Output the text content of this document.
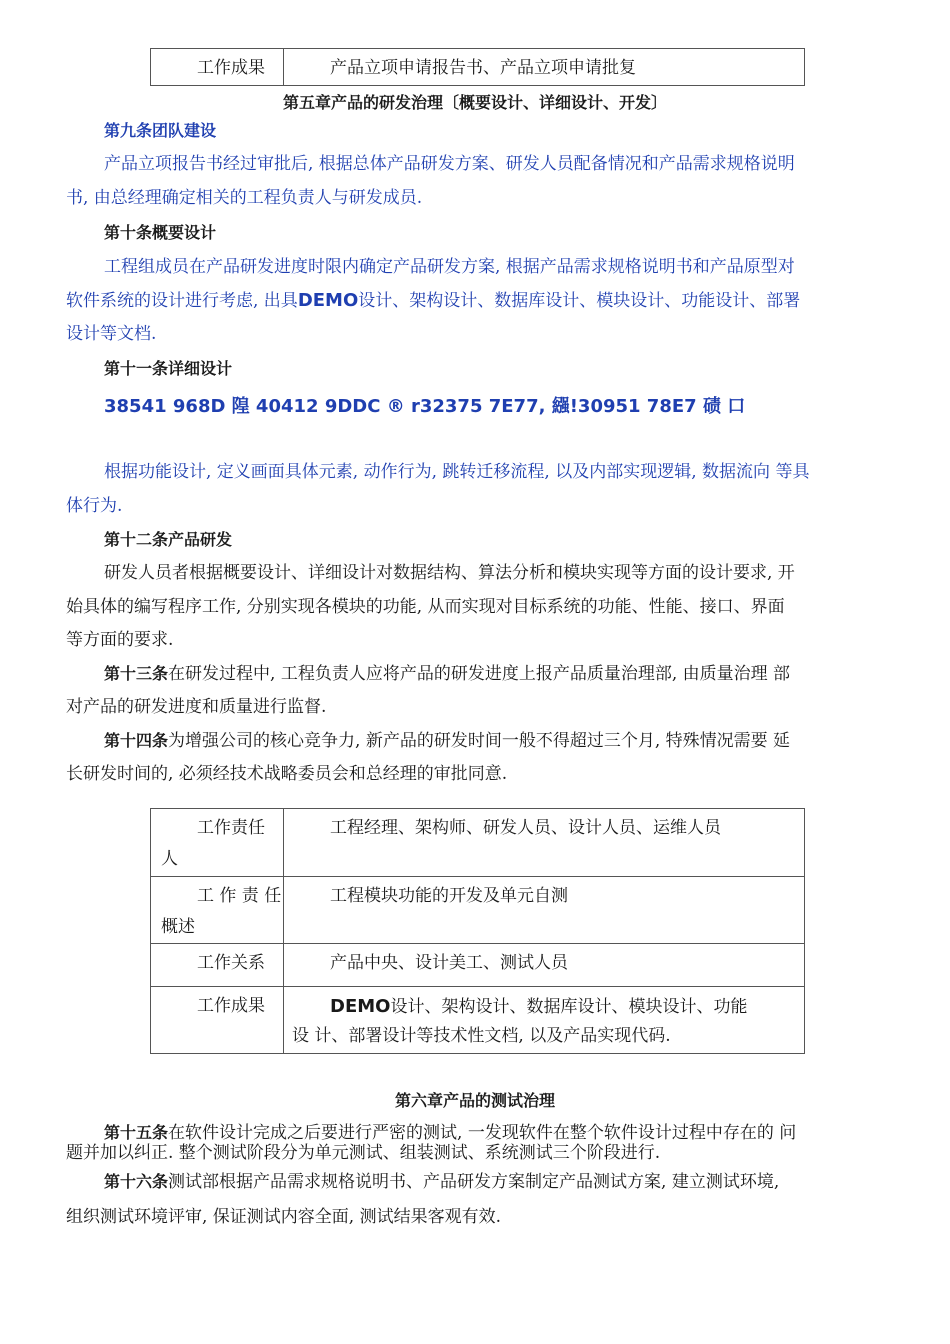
工作成果	产品立项申请报告书、产品立项申请批复
第五章产品的研发治理〔概要设计、详细设计、开发〕
第九条团队建设
产品立项报告书经过审批后, 根据总体产品研发方案、研发人员配备情况和产品需求规格说明
书, 由总经理确定相关的工程负责人与研发成员.
第十条概要设计
工程组成员在产品研发进度时限内确定产品研发方案, 根据产品需求规格说明书和产品原型对
软件系统的设计进行考虑, 出具DEMO设计、架构设计、数据库设计、模块设计、功能设计、部署
设计等文档.
第十一条详细设计
38541 968D 隍 40412 9DDC ® r32375 7E77, 繦!30951 78E7 碛 口
根据功能设计, 定义画面具体元素, 动作行为, 跳转迁移流程, 以及内部实现逻辑, 数据流向 等具
体行为.
第十二条产品研发
研发人员者根据概要设计、详细设计对数据结构、算法分析和模块实现等方面的设计要求, 开
始具体的编写程序工作, 分别实现各模块的功能, 从而实现对目标系统的功能、性能、接口、界面
等方面的要求.
第十三条在研发过程中, 工程负责人应将产品的研发进度上报产品质量治理部, 由质量治理 部
对产品的研发进度和质量进行监督.
第十四条为增强公司的核心竞争力, 新产品的研发时间一般不得超过三个月, 特殊情况需要 延
长研发时间的, 必须经技术战略委员会和总经理的审批同意.
工作责任
人	工程经理、架构师、研发人员、设计人员、运维人员

工 作 责 任
概述	工程模块功能的开发及单元自测

工作关系	产品中央、设计美工、测试人员

工作成果	DEMO设计、架构设计、数据库设计、模块设计、功能
设 计、部署设计等技术性文档, 以及产品实现代码.
第六章产品的测试治理
第十五条在软件设计完成之后要进行严密的测试, 一发现软件在整个软件设计过程中存在的 问
题并加以纠正. 整个测试阶段分为单元测试、组装测试、系统测试三个阶段进行.
第十六条测试部根据产品需求规格说明书、产品研发方案制定产品测试方案, 建立测试环境,
组织测试环境评审, 保证测试内容全面, 测试结果客观有效.
